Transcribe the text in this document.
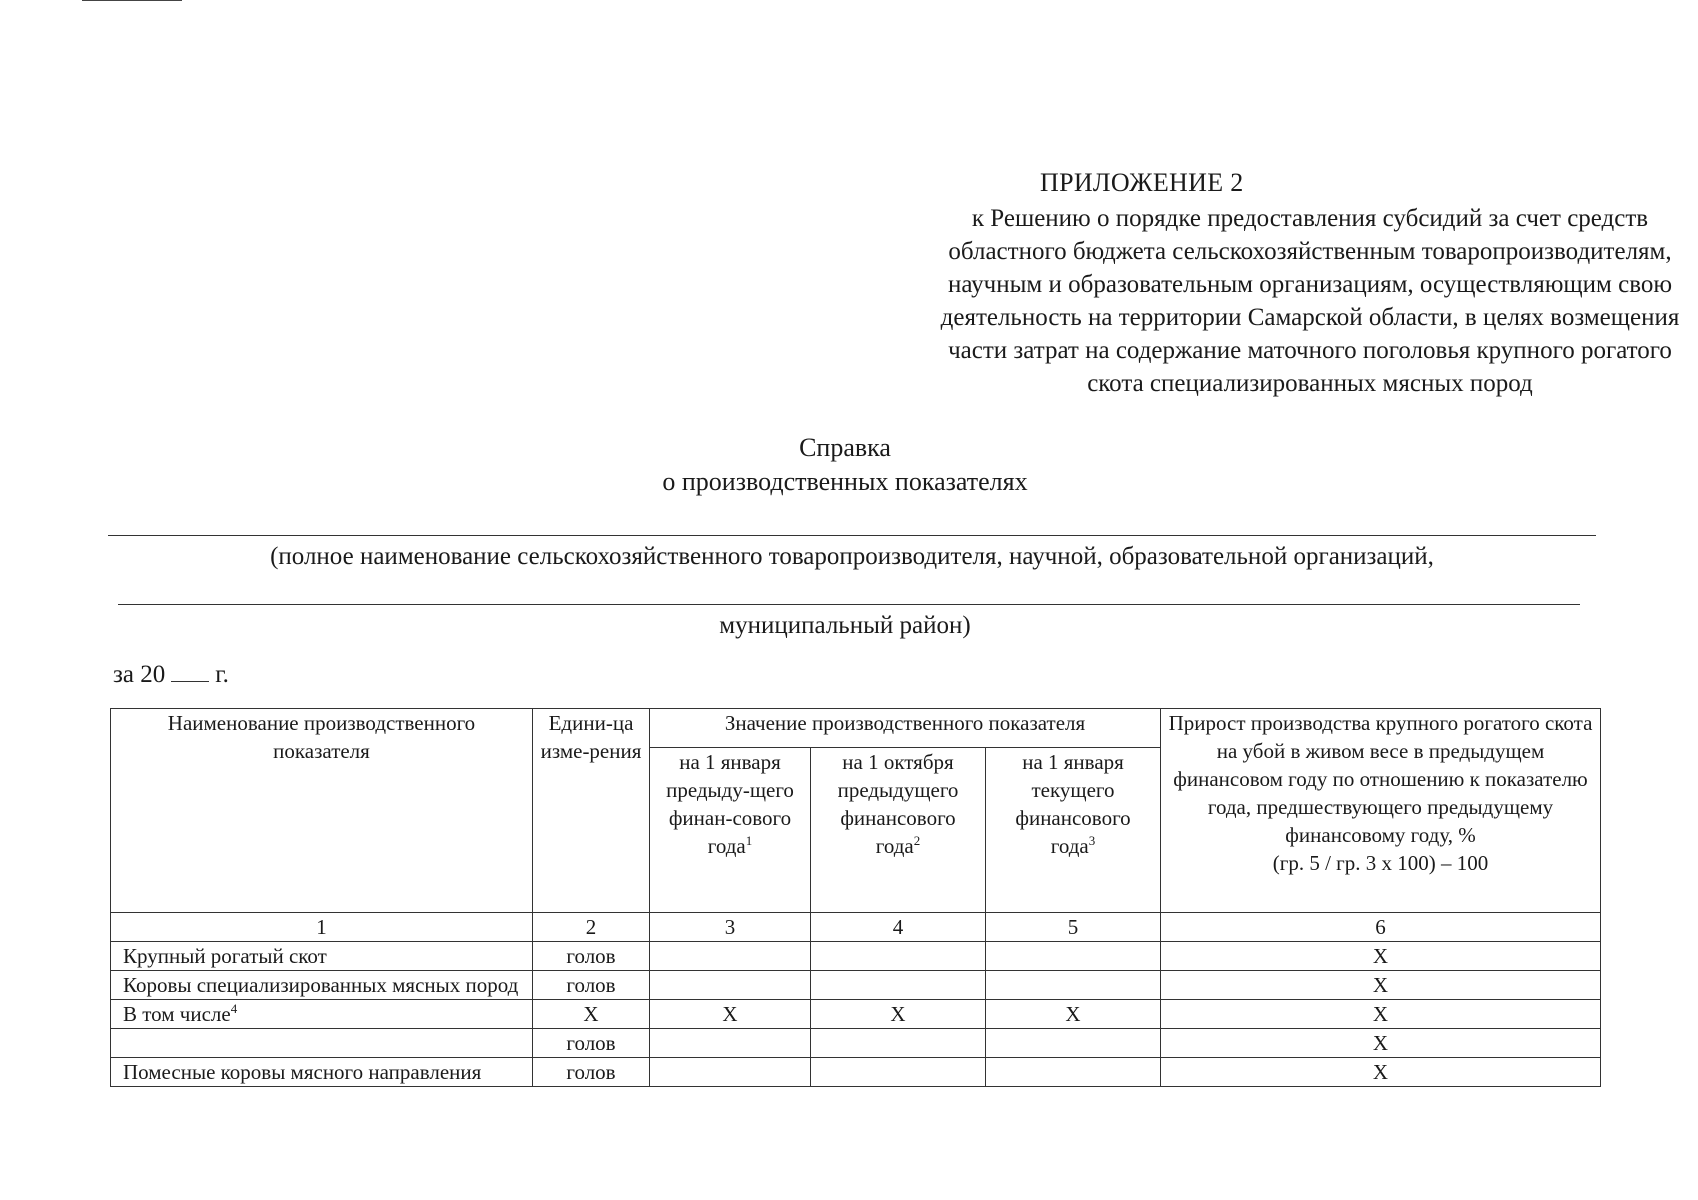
ПРИЛОЖЕНИЕ 2

к Решению о порядке предоставления субсидий за счет средств
областного бюджета сельскохозяйственным товаропроизводителям,
научным и образовательным организациям, осуществляющим свою
деятельность на территории Самарской области, в целях возмещения
части затрат на содержание маточного поголовья крупного рогатого
скота специализированных мясных пород

Справка
о производственных показателях
(полное наименование сельскохозяйственного товаропроизводителя, научной, образовательной организаций,
муниципальный район)
за 20 г.
Наименование производственного показателя	Едини-ца изме-рения	Значение производственного показателя			Прирост производства крупного рогатого скота на убой в живом весе в предыдущем финансовом году по отношению к показателю года, предшествующего предыдущему финансовому году, %
(гр. 5 / гр. 3 х 100) – 100

		на 1 января предыду-щего финан-сового года$^1$	на 1 октября предыдущего финансового года$^2$	на 1 января текущего финансового года$^3$
1	2	3	4	5	6
Крупный рогатый скот	голов				Х
Коровы специализированных мясных пород	голов				Х
В том числе$^4$	Х	Х	Х	Х	Х
	голов				Х
Помесные коровы мясного направления	голов				Х
